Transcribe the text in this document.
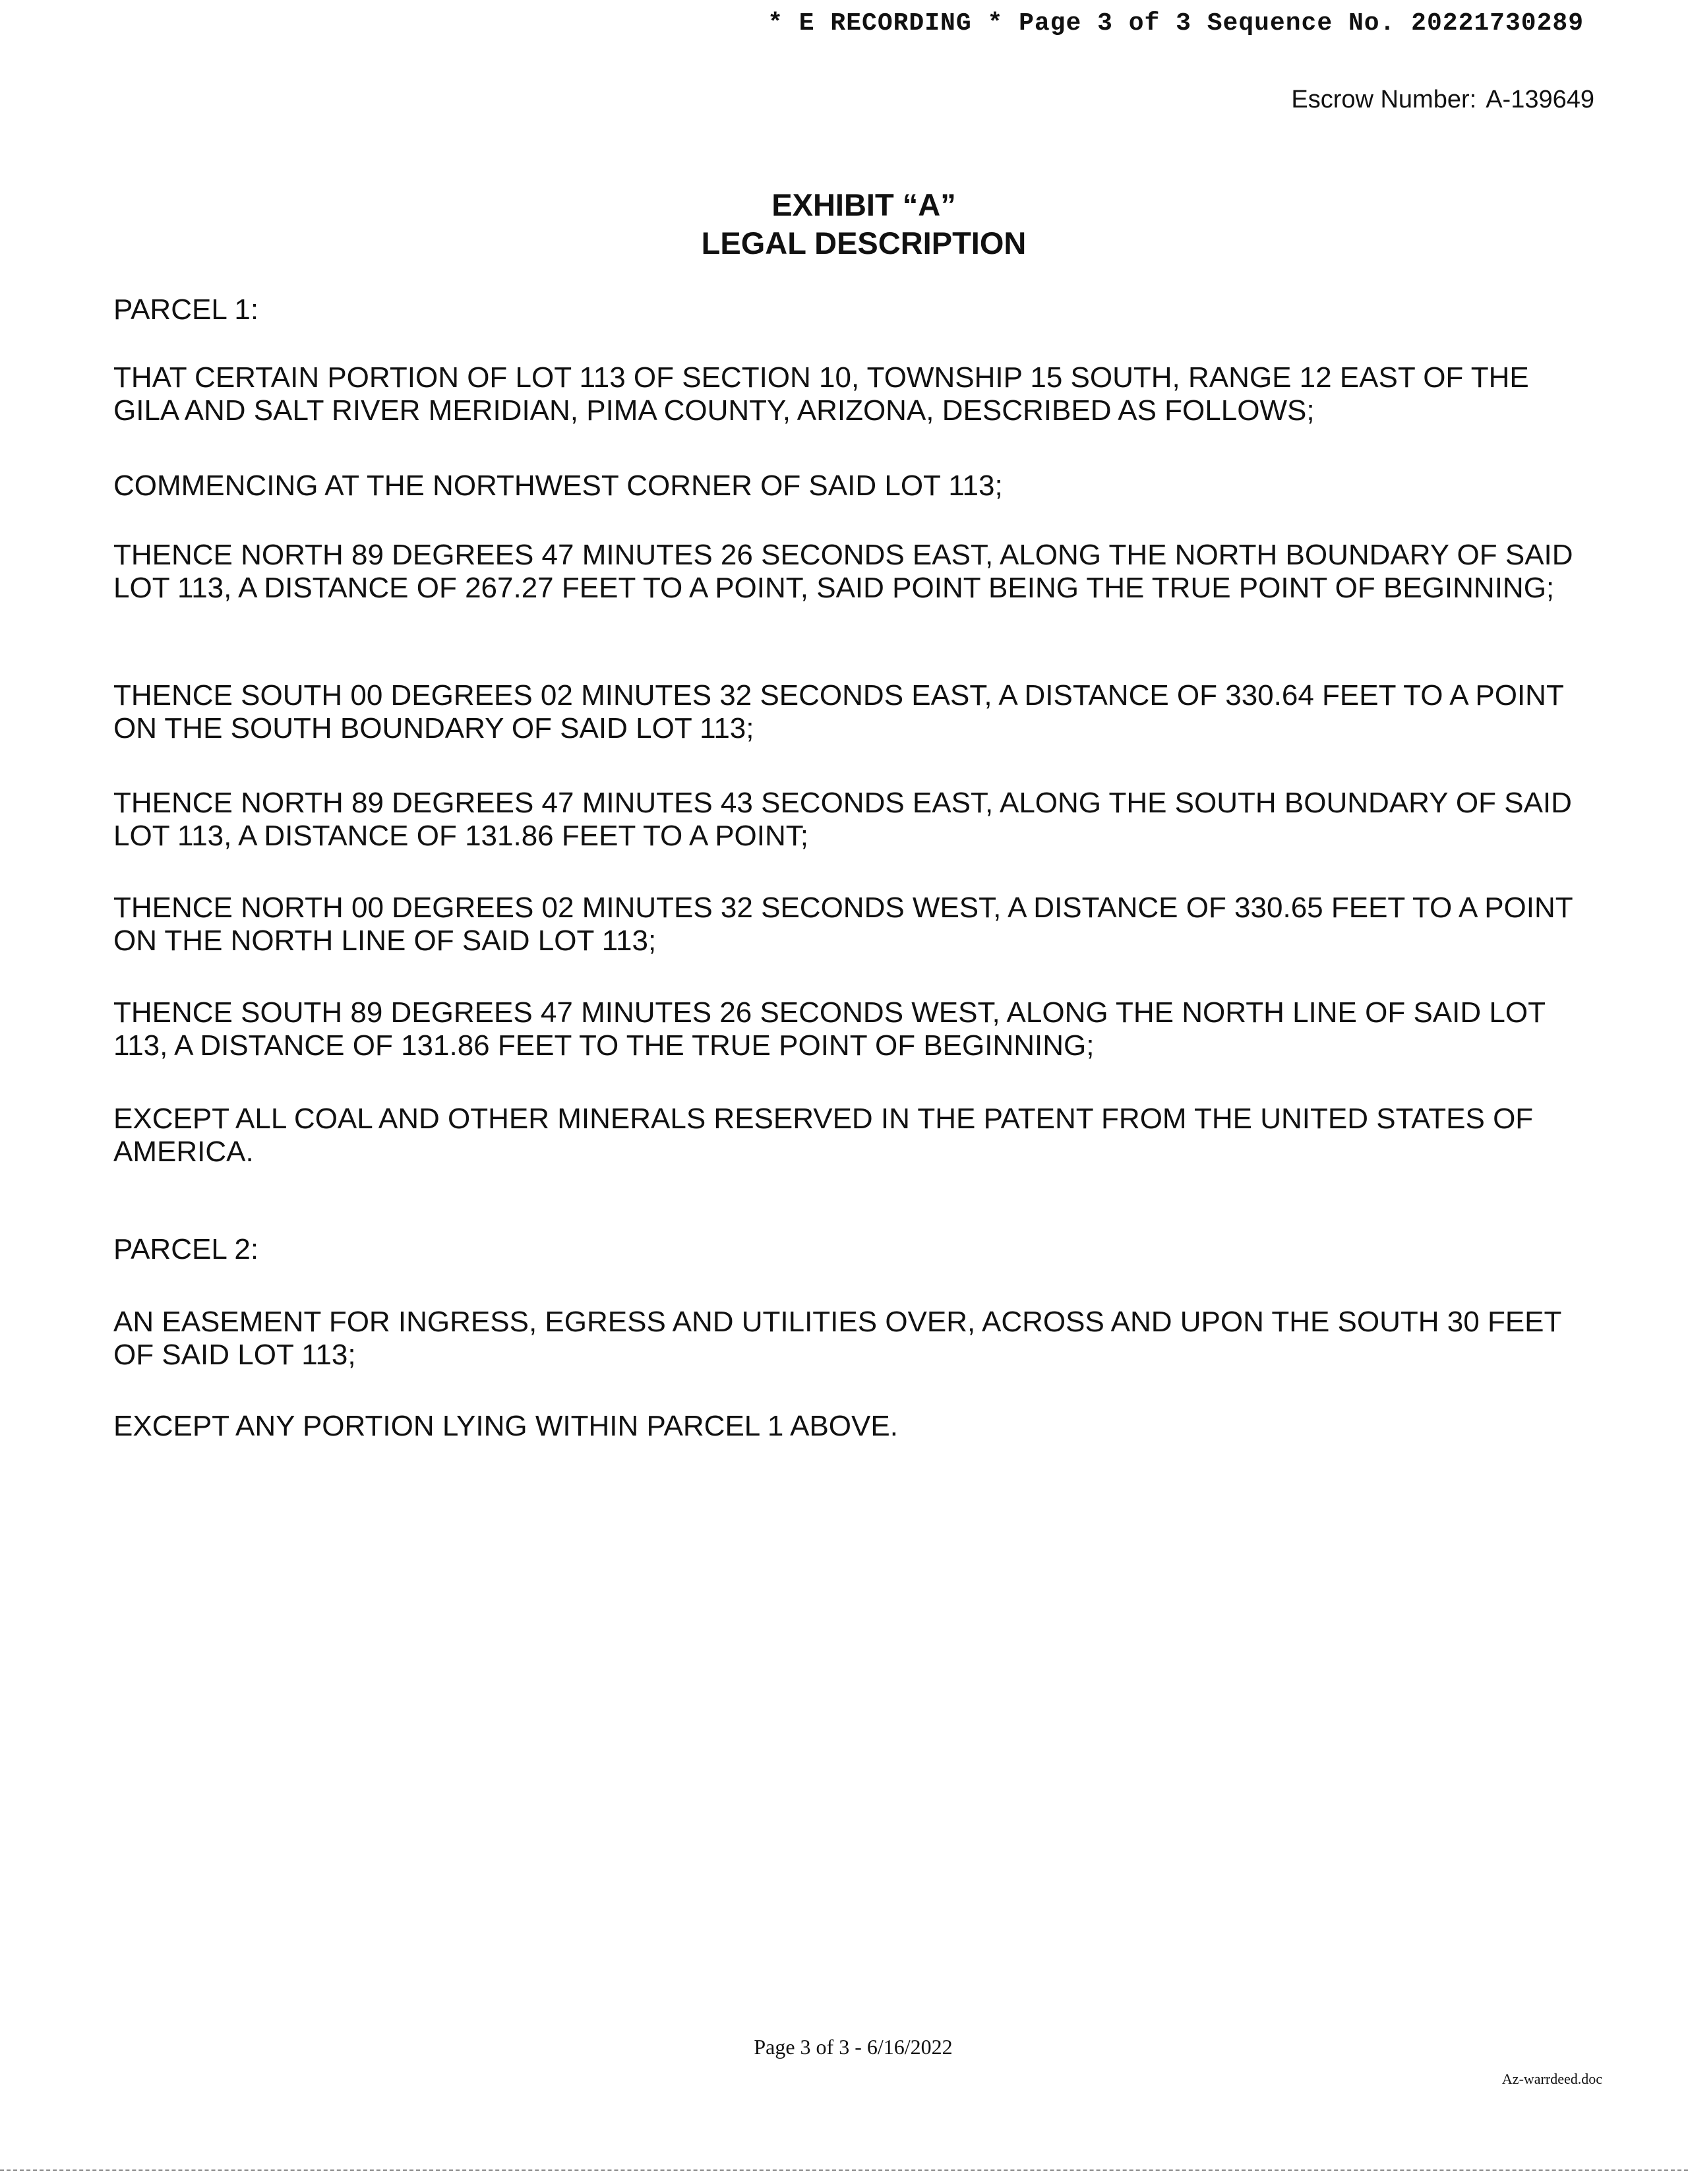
* E RECORDING * Page 3 of 3 Sequence No. 20221730289
Escrow Number: A-139649
EXHIBIT “A”
LEGAL DESCRIPTION
PARCEL 1:
THAT CERTAIN PORTION OF LOT 113 OF SECTION 10, TOWNSHIP 15 SOUTH, RANGE 12 EAST OF THE GILA AND SALT RIVER MERIDIAN, PIMA COUNTY, ARIZONA, DESCRIBED AS FOLLOWS;
COMMENCING AT THE NORTHWEST CORNER OF SAID LOT 113;
THENCE NORTH 89 DEGREES 47 MINUTES 26 SECONDS EAST, ALONG THE NORTH BOUNDARY OF SAID LOT 113, A DISTANCE OF 267.27 FEET TO A POINT, SAID POINT BEING THE TRUE POINT OF BEGINNING;
THENCE SOUTH 00 DEGREES 02 MINUTES 32 SECONDS EAST, A DISTANCE OF 330.64 FEET TO A POINT ON THE SOUTH BOUNDARY OF SAID LOT 113;
THENCE NORTH 89 DEGREES 47 MINUTES 43 SECONDS EAST, ALONG THE SOUTH BOUNDARY OF SAID LOT 113, A DISTANCE OF 131.86 FEET TO A POINT;
THENCE NORTH 00 DEGREES 02 MINUTES 32 SECONDS WEST, A DISTANCE OF 330.65 FEET TO A POINT ON THE NORTH LINE OF SAID LOT 113;
THENCE SOUTH 89 DEGREES 47 MINUTES 26 SECONDS WEST, ALONG THE NORTH LINE OF SAID LOT 113, A DISTANCE OF 131.86 FEET TO THE TRUE POINT OF BEGINNING;
EXCEPT ALL COAL AND OTHER MINERALS RESERVED IN THE PATENT FROM THE UNITED STATES OF AMERICA.
PARCEL 2:
AN EASEMENT FOR INGRESS, EGRESS AND UTILITIES OVER, ACROSS AND UPON THE SOUTH 30 FEET OF SAID LOT 113;
EXCEPT ANY PORTION LYING WITHIN PARCEL 1 ABOVE.
Page 3 of 3 - 6/16/2022
Az-warrdeed.doc
